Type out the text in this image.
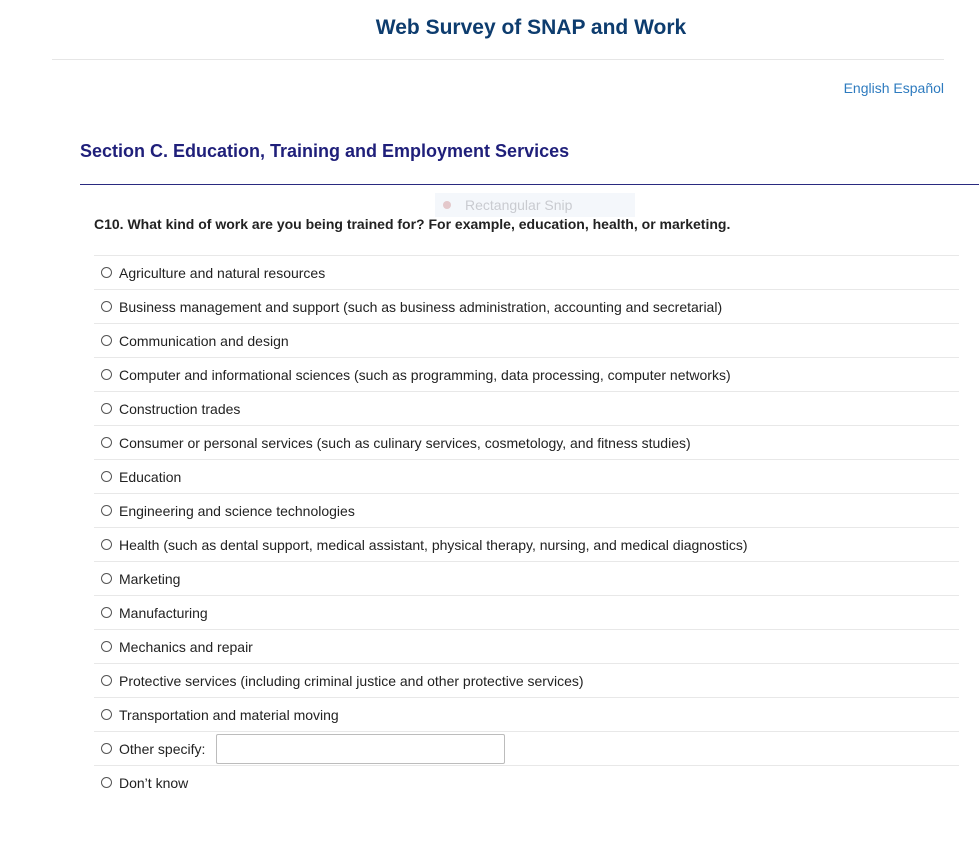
Web Survey of SNAP and Work
English Español
Section C. Education, Training and Employment Services
Rectangular Snip
C10. What kind of work are you being trained for? For example, education, health, or marketing.
Agriculture and natural resources
Business management and support (such as business administration, accounting and secretarial)
Communication and design
Computer and informational sciences (such as programming, data processing, computer networks)
Construction trades
Consumer or personal services (such as culinary services, cosmetology, and fitness studies)
Education
Engineering and science technologies
Health (such as dental support, medical assistant, physical therapy, nursing, and medical diagnostics)
Marketing
Manufacturing
Mechanics and repair
Protective services (including criminal justice and other protective services)
Transportation and material moving
Other specify:
Don’t know
